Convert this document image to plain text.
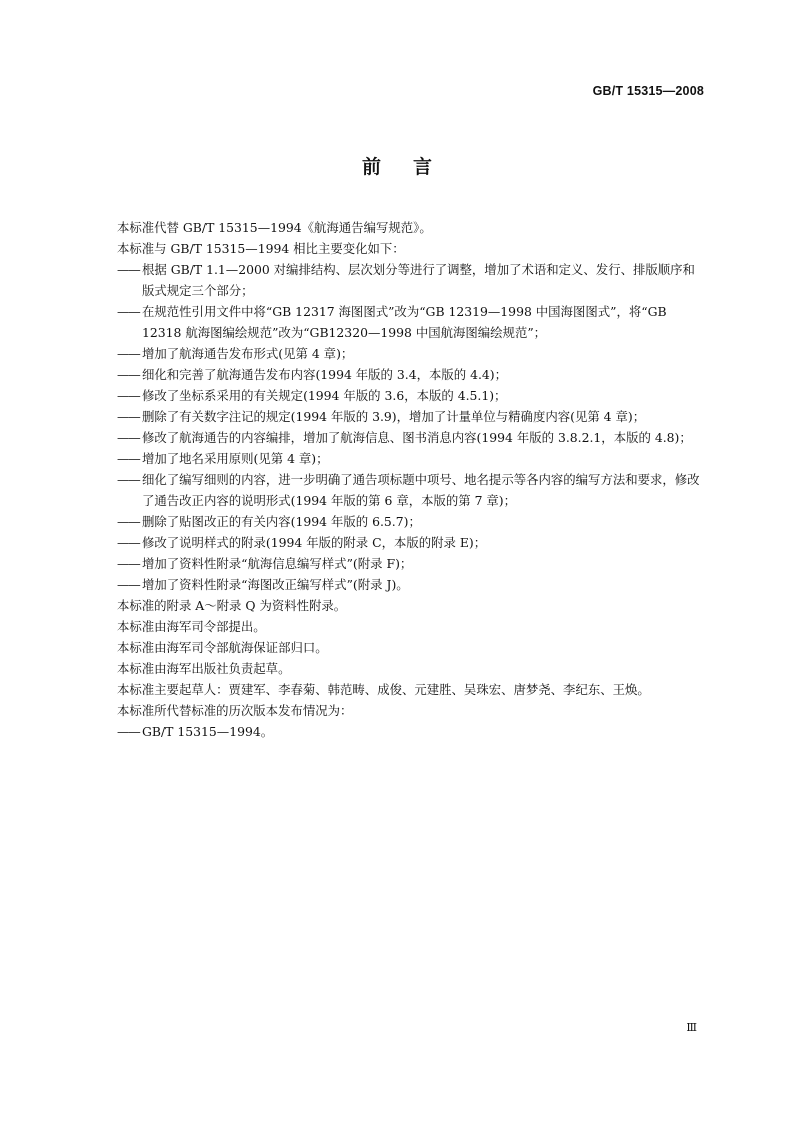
GB/T 15315—2008
前言
本标准代替 GB/T 15315—1994《航海通告编写规范》。
本标准与 GB/T 15315—1994 相比主要变化如下：
—— 根据 GB/T 1.1—2000 对编排结构、层次划分等进行了调整，增加了术语和定义、发行、排版顺序和版式规定三个部分；
—— 在规范性引用文件中将“GB 12317 海图图式”改为“GB 12319—1998 中国海图图式”，将“GB 12318 航海图编绘规范”改为“GB12320—1998 中国航海图编绘规范”；
—— 增加了航海通告发布形式(见第 4 章)；
—— 细化和完善了航海通告发布内容(1994 年版的 3.4，本版的 4.4)；
—— 修改了坐标系采用的有关规定(1994 年版的 3.6，本版的 4.5.1)；
—— 删除了有关数字注记的规定(1994 年版的 3.9)，增加了计量单位与精确度内容(见第 4 章)；
—— 修改了航海通告的内容编排，增加了航海信息、图书消息内容(1994 年版的 3.8.2.1，本版的 4.8)；
—— 增加了地名采用原则(见第 4 章)；
—— 细化了编写细则的内容，进一步明确了通告项标题中项号、地名提示等各内容的编写方法和要求，修改了通告改正内容的说明形式(1994 年版的第 6 章，本版的第 7 章)；
—— 删除了贴图改正的有关内容(1994 年版的 6.5.7)；
—— 修改了说明样式的附录(1994 年版的附录 C，本版的附录 E)；
—— 增加了资料性附录“航海信息编写样式”(附录 F)；
—— 增加了资料性附录“海图改正编写样式”(附录 J)。
本标准的附录 A～附录 Q 为资料性附录。
本标准由海军司令部提出。
本标准由海军司令部航海保证部归口。
本标准由海军出版社负责起草。
本标准主要起草人：贾建军、李春菊、韩范畴、成俊、元建胜、吴珠宏、唐梦尧、李纪东、王焕。
本标准所代替标准的历次版本发布情况为：
—— GB/T 15315—1994。
Ⅲ
